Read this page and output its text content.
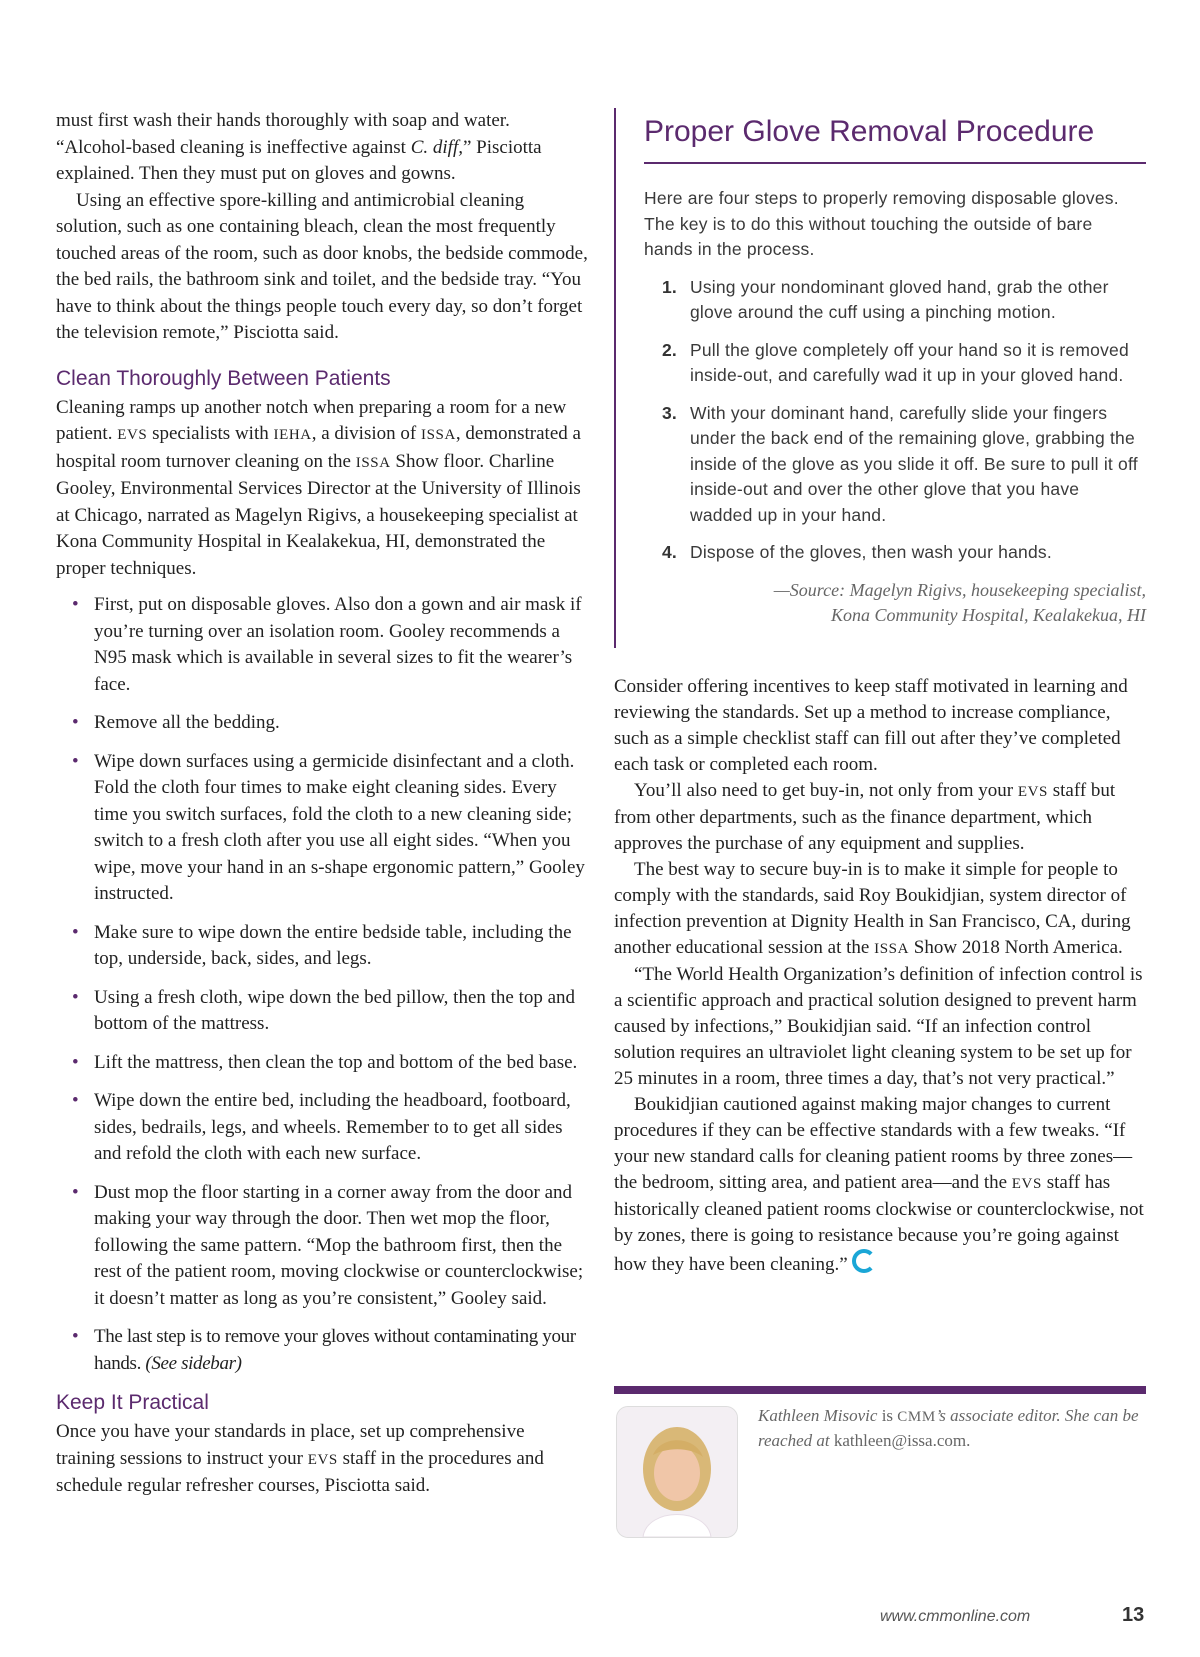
must first wash their hands thoroughly with soap and water. “Alcohol-based cleaning is ineffective against C. diff,” Pisciotta explained. Then they must put on gloves and gowns.

Using an effective spore-killing and antimicrobial cleaning solution, such as one containing bleach, clean the most frequently touched areas of the room, such as door knobs, the bedside commode, the bed rails, the bathroom sink and toilet, and the bedside tray. “You have to think about the things people touch every day, so don’t forget the television remote,” Pisciotta said.

Clean Thoroughly Between Patients

Cleaning ramps up another notch when preparing a room for a new patient. EVS specialists with IEHA, a division of ISSA, demonstrated a hospital room turnover cleaning on the ISSA Show floor. Charline Gooley, Environmental Services Director at the University of Illinois at Chicago, narrated as Magelyn Rigivs, a housekeeping specialist at Kona Community Hospital in Kealakekua, HI, demonstrated the proper techniques.

• First, put on disposable gloves. Also don a gown and air mask if you’re turning over an isolation room. Gooley recommends a N95 mask which is available in several sizes to fit the wearer’s face.
• Remove all the bedding.
• Wipe down surfaces using a germicide disinfectant and a cloth. Fold the cloth four times to make eight cleaning sides. Every time you switch surfaces, fold the cloth to a new cleaning side; switch to a fresh cloth after you use all eight sides. “When you wipe, move your hand in an s-shape ergonomic pattern,” Gooley instructed.
• Make sure to wipe down the entire bedside table, including the top, underside, back, sides, and legs.
• Using a fresh cloth, wipe down the bed pillow, then the top and bottom of the mattress.
• Lift the mattress, then clean the top and bottom of the bed base.
• Wipe down the entire bed, including the headboard, footboard, sides, bedrails, legs, and wheels. Remember to to get all sides and refold the cloth with each new surface.
• Dust mop the floor starting in a corner away from the door and making your way through the door. Then wet mop the floor, following the same pattern. “Mop the bathroom first, then the rest of the patient room, moving clockwise or counterclockwise; it doesn’t matter as long as you’re consistent,” Gooley said.
• The last step is to remove your gloves without contaminating your hands. (See sidebar)
Keep It Practical

Once you have your standards in place, set up comprehensive training sessions to instruct your EVS staff in the procedures and schedule regular refresher courses, Pisciotta said.

Proper Glove Removal Procedure
Here are four steps to properly removing disposable gloves. The key is to do this without touching the outside of bare hands in the process.
1. Using your nondominant gloved hand, grab the other glove around the cuff using a pinching motion.
2. Pull the glove completely off your hand so it is removed inside-out, and carefully wad it up in your gloved hand.
3. With your dominant hand, carefully slide your fingers under the back end of the remaining glove, grabbing the inside of the glove as you slide it off. Be sure to pull it off inside-out and over the other glove that you have wadded up in your hand.
4. Dispose of the gloves, then wash your hands.
—Source: Magelyn Rigivs, housekeeping specialist,
Kona Community Hospital, Kealakekua, HI

Consider offering incentives to keep staff motivated in learning and reviewing the standards. Set up a method to increase compliance, such as a simple checklist staff can fill out after they’ve completed each task or completed each room.

You’ll also need to get buy-in, not only from your EVS staff but from other departments, such as the finance department, which approves the purchase of any equipment and supplies.

The best way to secure buy-in is to make it simple for people to comply with the standards, said Roy Boukidjian, system director of infection prevention at Dignity Health in San Francisco, CA, during another educational session at the ISSA Show 2018 North America.

“The World Health Organization’s definition of infection control is a scientific approach and practical solution designed to prevent harm caused by infections,” Boukidjian said. “If an infection control solution requires an ultraviolet light cleaning system to be set up for 25 minutes in a room, three times a day, that’s not very practical.”

Boukidjian cautioned against making major changes to current procedures if they can be effective standards with a few tweaks. “If your new standard calls for cleaning patient rooms by three zones—the bedroom, sitting area, and patient area—and the EVS staff has historically cleaned patient rooms clockwise or counterclockwise, not by zones, there is going to resistance because you’re going against how they have been cleaning.”

Kathleen Misovic is CMM’s associate editor. She can be reached at kathleen@issa.com.
www.cmmonline.com	13
